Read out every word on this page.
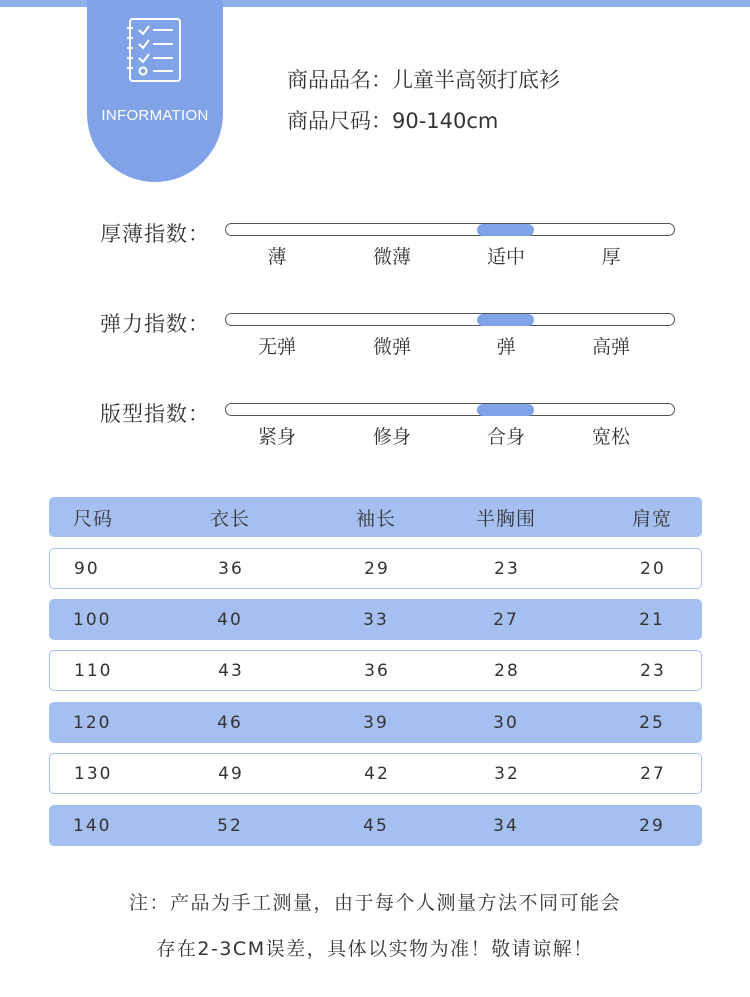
INFORMATION
商品品名：儿童半高领打底衫
商品尺码：90-140cm
厚薄指数：
薄	微薄	适中	厚
弹力指数：
无弹	微弹	弹	高弹
版型指数：
紧身	修身	合身	宽松
尺码	衣长	袖长	半胸围	肩宽
90	36	29	23	20
100	40	33	27	21
110	43	36	28	23
120	46	39	30	25
130	49	42	32	27
140	52	45	34	29
注：产品为手工测量，由于每个人测量方法不同可能会
存在2-3CM误差，具体以实物为准！敬请谅解！
